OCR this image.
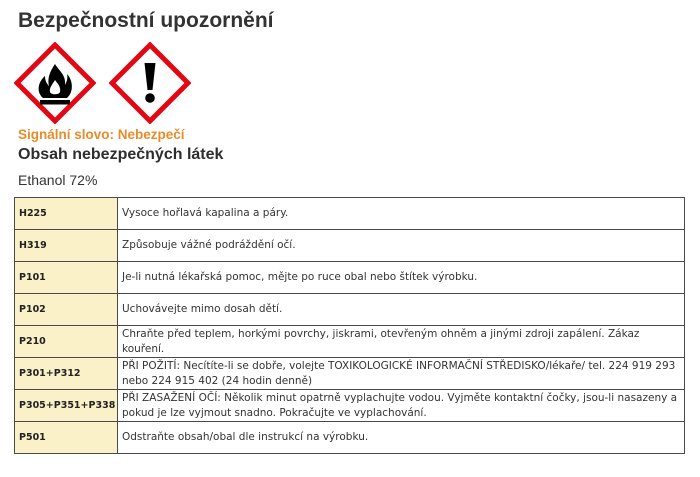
Bezpečnostní upozornění
Signální slovo: Nebezpečí
Obsah nebezpečných látek
Ethanol 72%
H225	Vysoce hořlavá kapalina a páry.
H319	Způsobuje vážné podráždění očí.
P101	Je-li nutná lékařská pomoc, mějte po ruce obal nebo štítek výrobku.
P102	Uchovávejte mimo dosah dětí.
P210	Chraňte před teplem, horkými povrchy, jiskrami, otevřeným ohněm a jinými zdroji zapálení. Zákaz kouření.
P301+P312	PŘI POŽITÍ: Necítíte-li se dobře, volejte TOXIKOLOGICKÉ INFORMAČNÍ STŘEDISKO/lékaře/ tel. 224 919 293 nebo 224 915 402 (24 hodin denně)
P305+P351+P338	PŘI ZASAŽENÍ OČÍ: Několik minut opatrně vyplachujte vodou. Vyjměte kontaktní čočky, jsou-li nasazeny a pokud je lze vyjmout snadno. Pokračujte ve vyplachování.
P501	Odstraňte obsah/obal dle instrukcí na výrobku.
